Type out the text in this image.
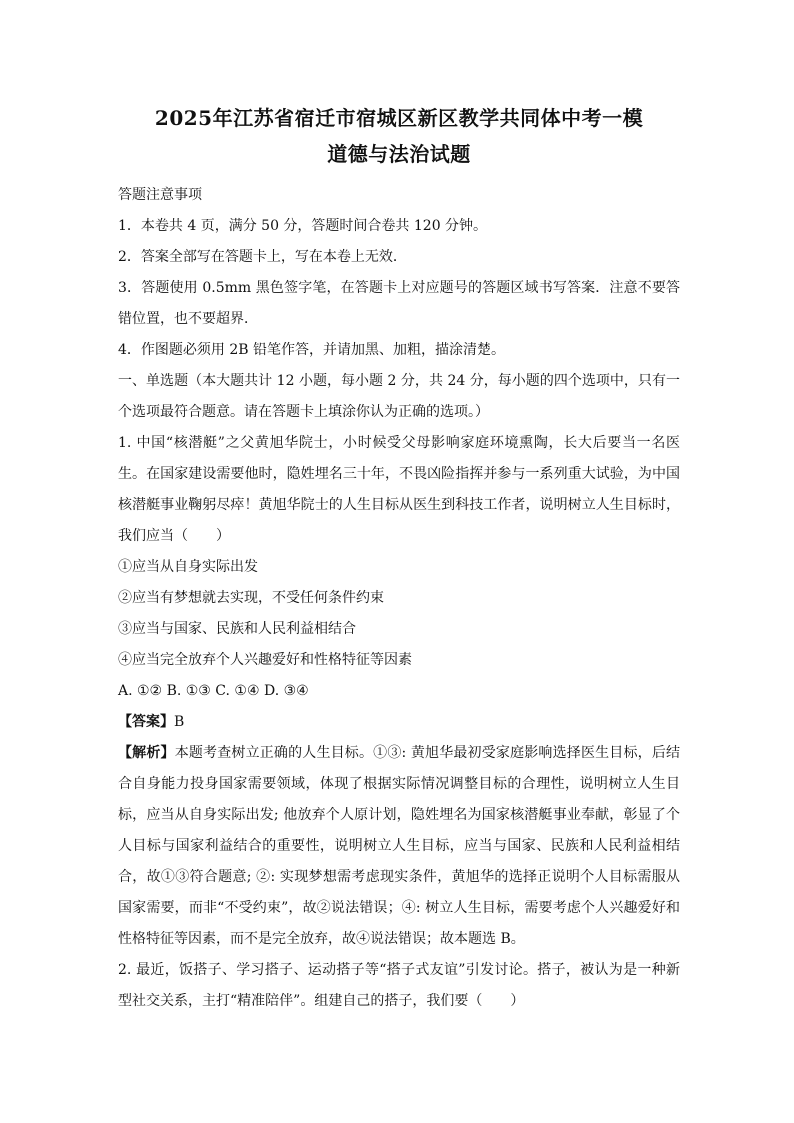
2025年江苏省宿迁市宿城区新区教学共同体中考一模
道德与法治试题

答题注意事项

1．本卷共 4 页，满分 50 分，答题时间合卷共 120 分钟。

2．答案全部写在答题卡上，写在本卷上无效．

3．答题使用 0.5mm 黑色签字笔，在答题卡上对应题号的答题区域书写答案．注意不要答错位置，也不要超界．

4．作图题必须用 2B 铅笔作答，并请加黑、加粗，描涂清楚。

一、单选题（本大题共计 12 小题，每小题 2 分，共 24 分，每小题的四个选项中，只有一个选项最符合题意。请在答题卡上填涂你认为正确的选项。）

1. 中国“核潜艇”之父黄旭华院士，小时候受父母影响家庭环境熏陶，长大后要当一名医生。在国家建设需要他时，隐姓埋名三十年，不畏凶险指挥并参与一系列重大试验，为中国核潜艇事业鞠躬尽瘁！黄旭华院士的人生目标从医生到科技工作者，说明树立人生目标时，我们应当（　　）

①应当从自身实际出发

②应当有梦想就去实现，不受任何条件约束

③应当与国家、民族和人民利益相结合

④应当完全放弃个人兴趣爱好和性格特征等因素

A. ①② B. ①③ C. ①④ D. ③④

【答案】B

【解析】本题考查树立正确的人生目标。①③: 黄旭华最初受家庭影响选择医生目标，后结合自身能力投身国家需要领域，体现了根据实际情况调整目标的合理性，说明树立人生目标，应当从自身实际出发; 他放弃个人原计划，隐姓埋名为国家核潜艇事业奉献，彰显了个人目标与国家利益结合的重要性，说明树立人生目标，应当与国家、民族和人民利益相结合，故①③符合题意; ②: 实现梦想需考虑现实条件，黄旭华的选择正说明个人目标需服从国家需要，而非“不受约束”，故②说法错误；④: 树立人生目标，需要考虑个人兴趣爱好和性格特征等因素，而不是完全放弃，故④说法错误；故本题选 B。

2. 最近，饭搭子、学习搭子、运动搭子等“搭子式友谊”引发讨论。搭子，被认为是一种新型社交关系，主打“精准陪伴”。组建自己的搭子，我们要（　　）
